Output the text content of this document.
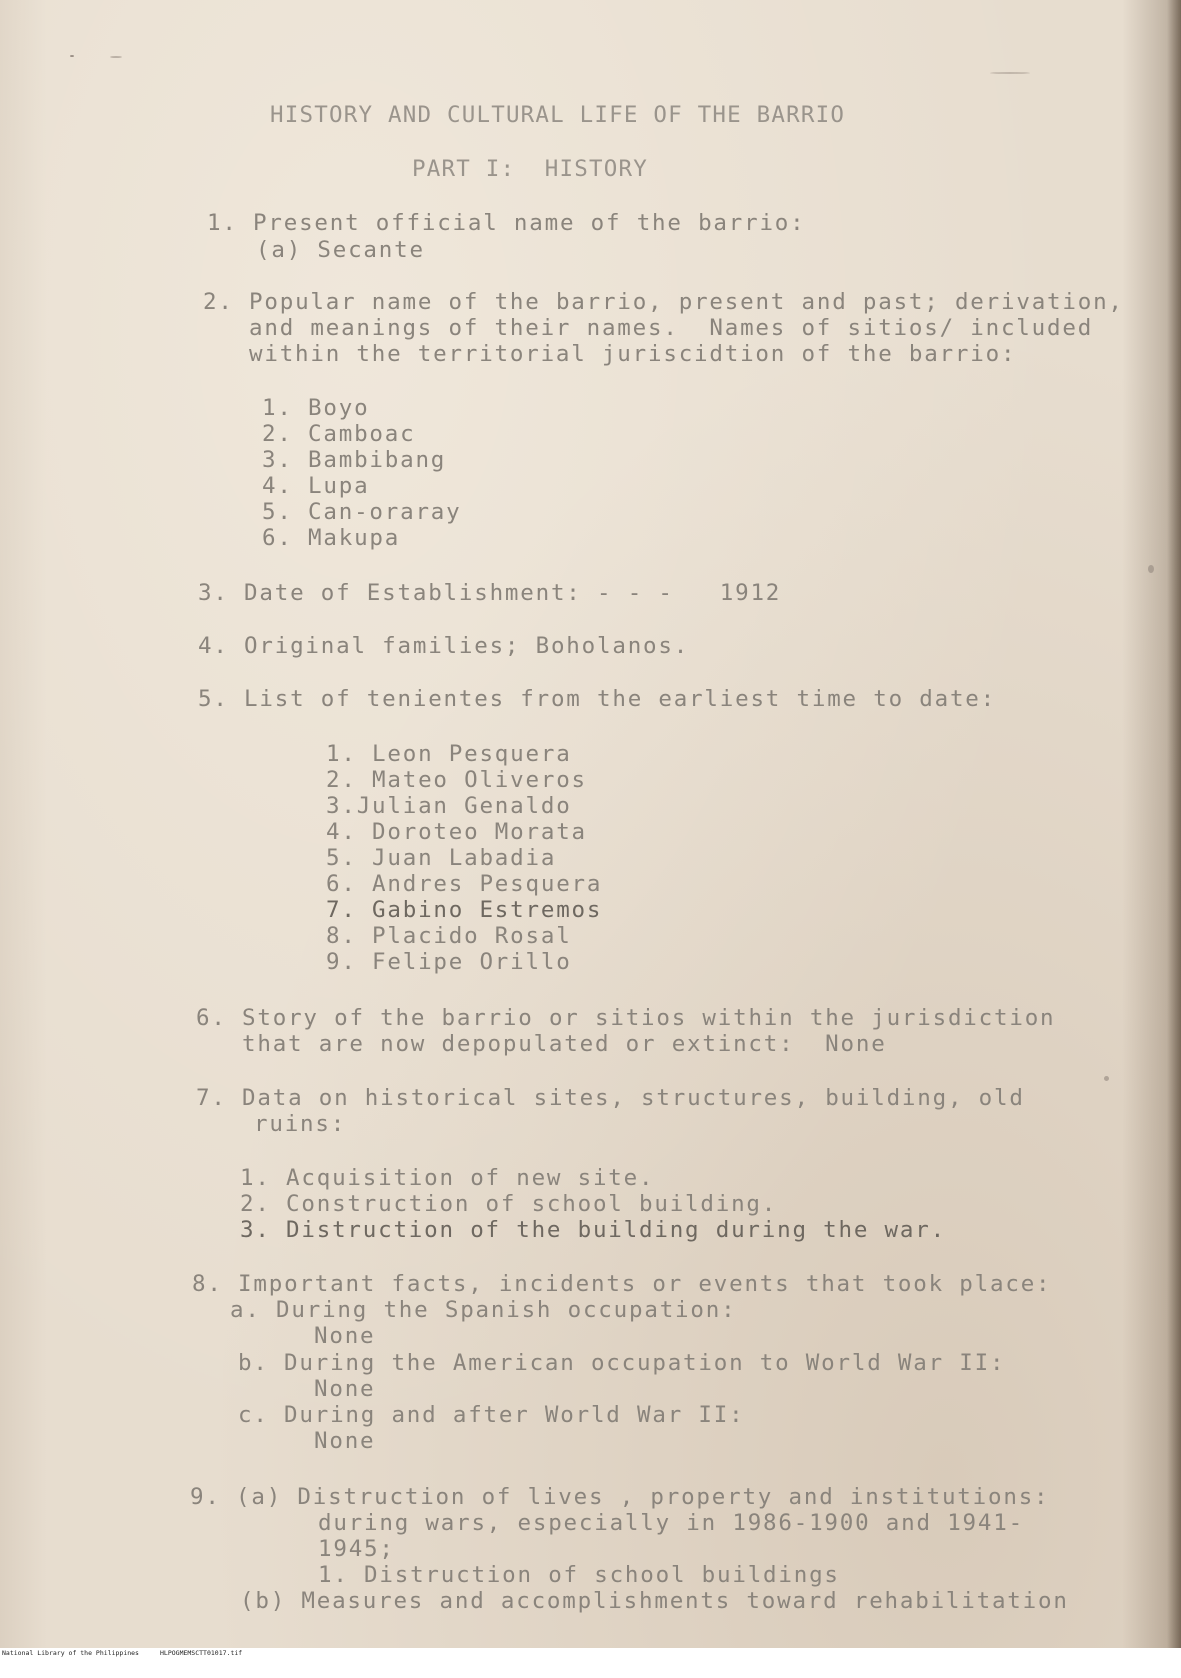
HISTORY AND CULTURAL LIFE OF THE BARRIO
PART I:  HISTORY
1. Present official name of the barrio:
(a) Secante
2. Popular name of the barrio, present and past; derivation,
and meanings of their names.  Names of sitios/ included
within the territorial juriscidtion of the barrio:
1. Boyo
2. Camboac
3. Bambibang
4. Lupa
5. Can-oraray
6. Makupa
3. Date of Establishment: - - -   1912
4. Original families; Boholanos.
5. List of tenientes from the earliest time to date:
1. Leon Pesquera
2. Mateo Oliveros
3.Julian Genaldo
4. Doroteo Morata
5. Juan Labadia
6. Andres Pesquera
7. Gabino Estremos
8. Placido Rosal
9. Felipe Orillo
6. Story of the barrio or sitios within the jurisdiction
that are now depopulated or extinct:  None
7. Data on historical sites, structures, building, old
ruins:
1. Acquisition of new site.
2. Construction of school building.
3. Distruction of the building during the war.
8. Important facts, incidents or events that took place:
a. During the Spanish occupation:
None
b. During the American occupation to World War II:
None
c. During and after World War II:
None
9. (a) Distruction of lives , property and institutions:
during wars, especially in 1986-1900 and 1941-
1945;
1. Distruction of school buildings
(b) Measures and accomplishments toward rehabilitation

National Library of the Philippines

	HLPOGMEMSCTT01017.tif
